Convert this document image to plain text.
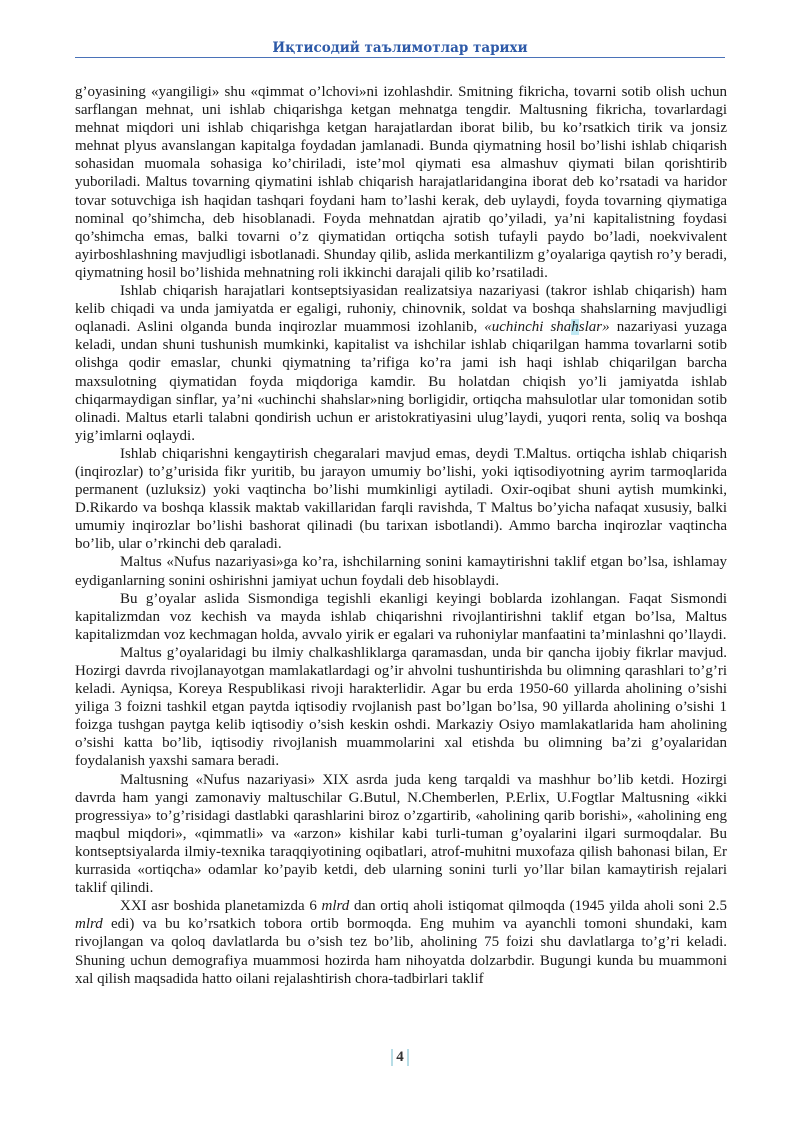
Иқтисодий таълимотлар тарихи

g’oyasining «yangiligi» shu «qimmat o’lchovi»ni izohlashdir. Smitning fikricha, tovarni sotib olish uchun sarflangan mehnat, uni ishlab chiqarishga ketgan mehnatga tengdir. Maltusning fikricha, tovarlardagi mehnat miqdori uni ishlab chiqarishga ketgan harajatlardan iborat bilib, bu ko’rsatkich tirik va jonsiz mehnat plyus avanslangan kapitalga foydadan jamlanadi. Bunda qiymatning hosil bo’lishi ishlab chiqarish sohasidan muomala sohasiga ko’chiriladi, iste’mol qiymati esa almashuv qiymati bilan qorishtirib yuboriladi. Maltus tovarning qiymatini ishlab chiqarish harajatlaridangina iborat deb ko’rsatadi va haridor tovar sotuvchiga ish haqidan tashqari foydani ham to’lashi kerak, deb uylaydi, foyda tovarning qiymatiga nominal qo’shimcha, deb hisoblanadi. Foyda mehnatdan ajratib qo’yiladi, ya’ni kapitalistning foydasi qo’shimcha emas, balki tovarni o’z qiymatidan ortiqcha sotish tufayli paydo bo’ladi, noekvivalent ayirboshlashning mavjudligi isbotlanadi. Shunday qilib, aslida merkantilizm g’oyalariga qaytish ro’y beradi, qiymatning hosil bo’lishida mehnatning roli ikkinchi darajali qilib ko’rsatiladi.

Ishlab chiqarish harajatlari kontseptsiyasidan realizatsiya nazariyasi (takror ishlab chiqarish) ham kelib chiqadi va unda jamiyatda er egaligi, ruhoniy, chinovnik, soldat va boshqa shahslarning mavjudligi oqlanadi. Aslini olganda bunda inqirozlar muammosi izohlanib, «uchinchi shahslar» nazariyasi yuzaga keladi, undan shuni tushunish mumkinki, kapitalist va ishchilar ishlab chiqarilgan hamma tovarlarni sotib olishga qodir emaslar, chunki qiymatning ta’rifiga ko’ra jami ish haqi ishlab chiqarilgan barcha maxsulotning qiymatidan foyda miqdoriga kamdir. Bu holatdan chiqish yo’li jamiyatda ishlab chiqarmaydigan sinflar, ya’ni «uchinchi shahslar»ning borligidir, ortiqcha mahsulotlar ular tomonidan sotib olinadi. Maltus etarli talabni qondirish uchun er aristokratiyasini ulug’laydi, yuqori renta, soliq va boshqa yig’imlarni oqlaydi.

Ishlab chiqarishni kengaytirish chegaralari mavjud emas, deydi T.Maltus. ortiqcha ishlab chiqarish (inqirozlar) to’g’urisida fikr yuritib, bu jarayon umumiy bo’lishi, yoki iqtisodiyotning ayrim tarmoqlarida permanent (uzluksiz) yoki vaqtincha bo’lishi mumkinligi aytiladi. Oxir-oqibat shuni aytish mumkinki, D.Rikardo va boshqa klassik maktab vakillaridan farqli ravishda, T Maltus bo’yicha nafaqat xususiy, balki umumiy inqirozlar bo’lishi bashorat qilinadi (bu tarixan isbotlandi). Ammo barcha inqirozlar vaqtincha bo’lib, ular o’rkinchi deb qaraladi.

Maltus «Nufus nazariyasi»ga ko’ra, ishchilarning sonini kamaytirishni taklif etgan bo’lsa, ishlamay eydiganlarning sonini oshirishni jamiyat uchun foydali deb hisoblaydi.

Bu g’oyalar aslida Sismondiga tegishli ekanligi keyingi boblarda izohlangan. Faqat Sismondi kapitalizmdan voz kechish va mayda ishlab chiqarishni rivojlantirishni taklif etgan bo’lsa, Maltus kapitalizmdan voz kechmagan holda, avvalo yirik er egalari va ruhoniylar manfaatini ta’minlashni qo’llaydi.

Maltus g’oyalaridagi bu ilmiy chalkashliklarga qaramasdan, unda bir qancha ijobiy fikrlar mavjud. Hozirgi davrda rivojlanayotgan mamlakatlardagi og’ir ahvolni tushuntirishda bu olimning qarashlari to’g’ri keladi. Ayniqsa, Koreya Respublikasi rivoji harakterlidir. Agar bu erda 1950-60 yillarda aholining o’sishi yiliga 3 foizni tashkil etgan paytda iqtisodiy rvojlanish past bo’lgan bo’lsa, 90 yillarda aholining o’sishi 1 foizga tushgan paytga kelib iqtisodiy o’sish keskin oshdi. Markaziy Osiyo mamlakatlarida ham aholining o’sishi katta bo’lib, iqtisodiy rivojlanish muammolarini xal etishda bu olimning ba’zi g’oyalaridan foydalanish yaxshi samara beradi.

Maltusning «Nufus nazariyasi» XIX asrda juda keng tarqaldi va mashhur bo’lib ketdi. Hozirgi davrda ham yangi zamonaviy maltuschilar G.Butul, N.Chemberlen, P.Erlix, U.Fogtlar Maltusning «ikki progressiya» to’g’risidagi dastlabki qarashlarini biroz o’zgartirib, «aholining qarib borishi», «aholining eng maqbul miqdori», «qimmatli» va «arzon» kishilar kabi turli-tuman g’oyalarini ilgari surmoqdalar. Bu kontseptsiyalarda ilmiy-texnika taraqqiyotining oqibatlari, atrof-muhitni muxofaza qilish bahonasi bilan, Er kurrasida «ortiqcha» odamlar ko’payib ketdi, deb ularning sonini turli yo’llar bilan kamaytirish rejalari taklif qilindi.

XXI asr boshida planetamizda 6 mlrd dan ortiq aholi istiqomat qilmoqda (1945 yilda aholi soni 2.5 mlrd edi) va bu ko’rsatkich tobora ortib bormoqda. Eng muhim va ayanchli tomoni shundaki, kam rivojlangan va qoloq davlatlarda bu o’sish tez bo’lib, aholining 75 foizi shu davlatlarga to’g’ri keladi. Shuning uchun demografiya muammosi hozirda ham nihoyatda dolzarbdir. Bugungi kunda bu muammoni xal qilish maqsadida hatto oilani rejalashtirish chora-tadbirlari taklif

4
